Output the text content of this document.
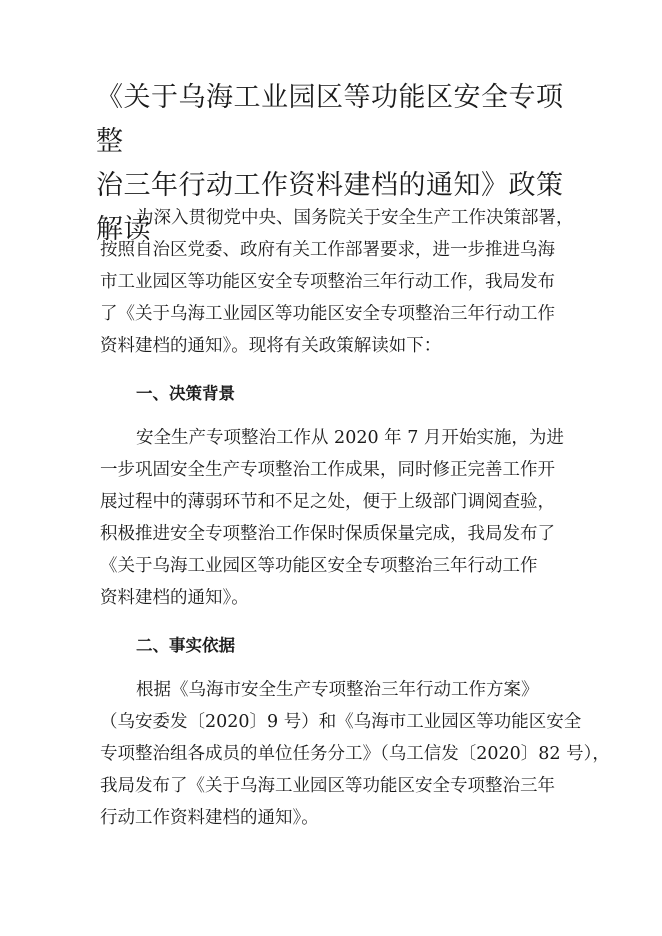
《关于乌海工业园区等功能区安全专项整
治三年行动工作资料建档的通知》政策解读

为深入贯彻党中央、国务院关于安全生产工作决策部署，

按照自治区党委、政府有关工作部署要求，进一步推进乌海

市工业园区等功能区安全专项整治三年行动工作，我局发布

了《关于乌海工业园区等功能区安全专项整治三年行动工作

资料建档的通知》。现将有关政策解读如下：

一、决策背景

安全生产专项整治工作从 2020 年 7 月开始实施，为进

一步巩固安全生产专项整治工作成果，同时修正完善工作开

展过程中的薄弱环节和不足之处，便于上级部门调阅查验，

积极推进安全专项整治工作保时保质保量完成，我局发布了

《关于乌海工业园区等功能区安全专项整治三年行动工作

资料建档的通知》。

二、事实依据

根据《乌海市安全生产专项整治三年行动工作方案》

（乌安委发〔2020〕9 号）和《乌海市工业园区等功能区安全

专项整治组各成员的单位任务分工》（乌工信发〔2020〕82 号），

我局发布了《关于乌海工业园区等功能区安全专项整治三年

行动工作资料建档的通知》。
